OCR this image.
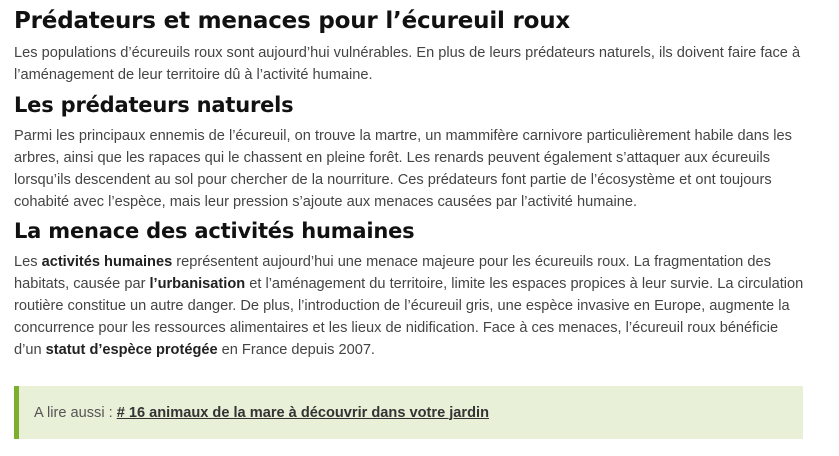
Prédateurs et menaces pour l’écureuil roux

Les populations d’écureuils roux sont aujourd’hui vulnérables. En plus de leurs prédateurs naturels, ils doivent faire face à l’aménagement de leur territoire dû à l’activité humaine.

Les prédateurs naturels

Parmi les principaux ennemis de l’écureuil, on trouve la martre, un mammifère carnivore particulièrement habile dans les arbres, ainsi que les rapaces qui le chassent en pleine forêt. Les renards peuvent également s’attaquer aux écureuils lorsqu’ils descendent au sol pour chercher de la nourriture. Ces prédateurs font partie de l’écosystème et ont toujours cohabité avec l’espèce, mais leur pression s’ajoute aux menaces causées par l’activité humaine.

La menace des activités humaines

Les activités humaines représentent aujourd’hui une menace majeure pour les écureuils roux. La fragmentation des habitats, causée par l’urbanisation et l’aménagement du territoire, limite les espaces propices à leur survie. La circulation routière constitue un autre danger. De plus, l’introduction de l’écureuil gris, une espèce invasive en Europe, augmente la concurrence pour les ressources alimentaires et les lieux de nidification. Face à ces menaces, l’écureuil roux bénéficie d’un statut d’espèce protégée en France depuis 2007.

A lire aussi : # 16 animaux de la mare à découvrir dans votre jardin
